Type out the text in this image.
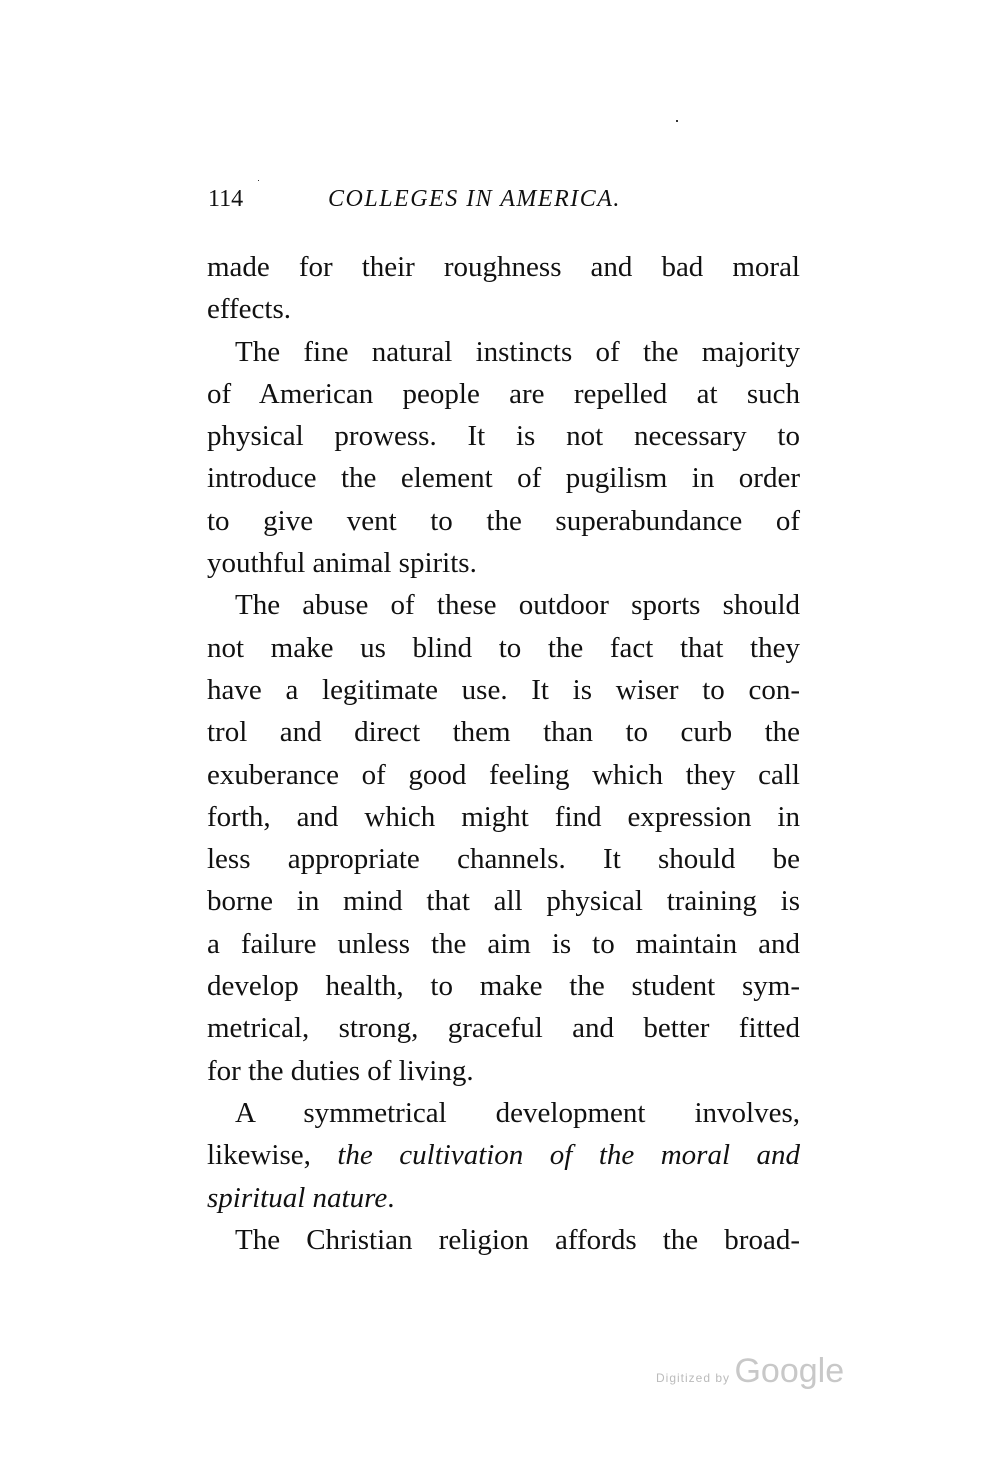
114	COLLEGES IN AMERICA.
made for their roughness and bad moral
effects.
The fine natural instincts of the majority
of American people are repelled at such
physical prowess. It is not necessary to
introduce the element of pugilism in order
to give vent to the superabundance of
youthful animal spirits.
The abuse of these outdoor sports should
not make us blind to the fact that they
have a legitimate use. It is wiser to con-
trol and direct them than to curb the
exuberance of good feeling which they call
forth, and which might find expression in
less appropriate channels. It should be
borne in mind that all physical training is
a failure unless the aim is to maintain and
develop health, to make the student sym-
metrical, strong, graceful and better fitted
for the duties of living.
A symmetrical development involves,
likewise, the cultivation of the moral and
spiritual nature.
The Christian religion affords the broad-
Digitized by Google
